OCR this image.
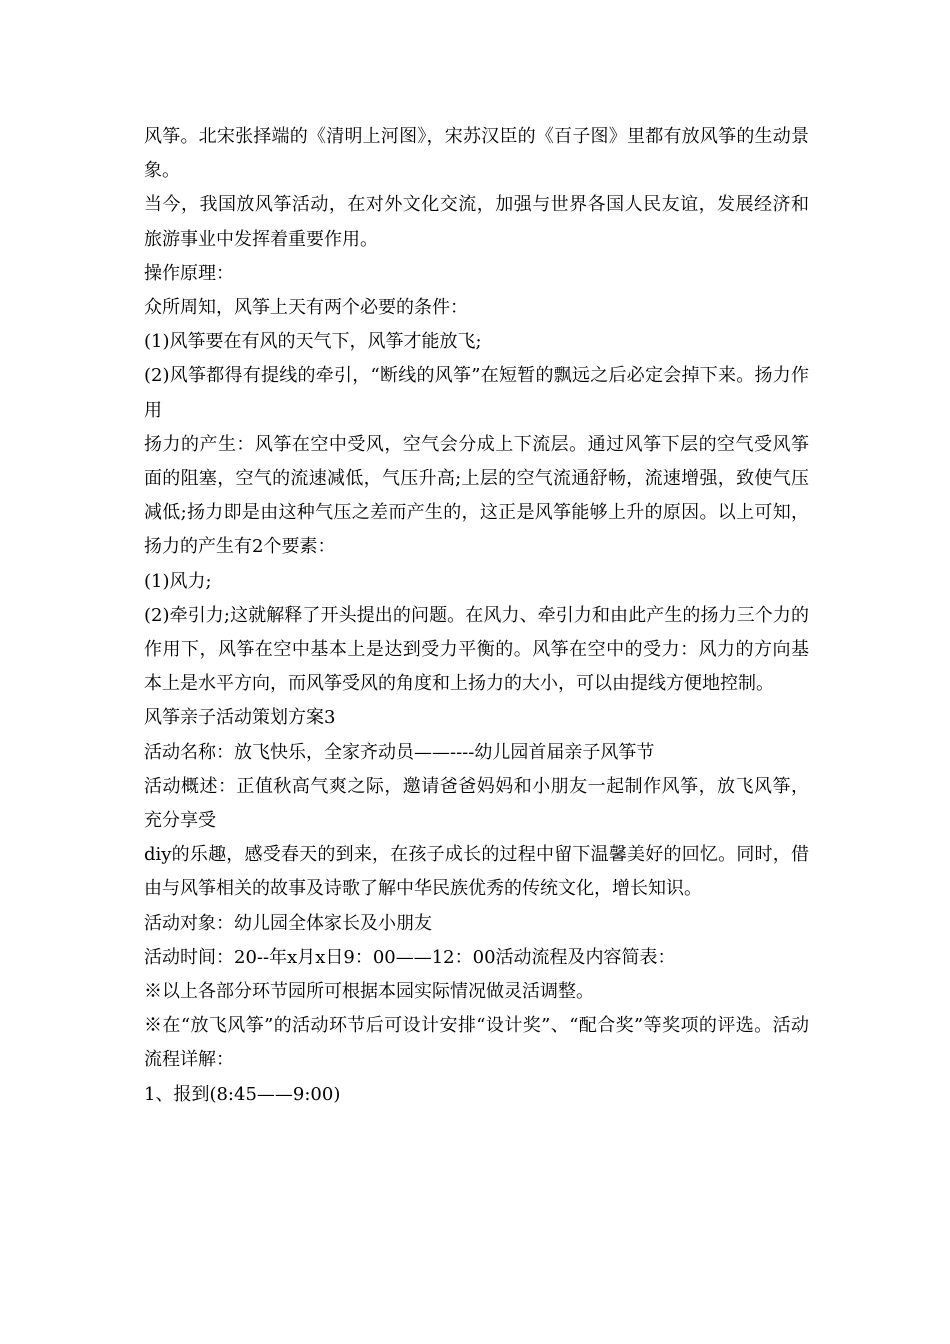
风筝。北宋张择端的《清明上河图》，宋苏汉臣的《百子图》里都有放风筝的生动景象。

当今，我国放风筝活动，在对外文化交流，加强与世界各国人民友谊，发展经济和旅游事业中发挥着重要作用。

操作原理：

众所周知，风筝上天有两个必要的条件：

(1)风筝要在有风的天气下，风筝才能放飞;

(2)风筝都得有提线的牵引，“断线的风筝”在短暂的飘远之后必定会掉下来。扬力作用

扬力的产生：风筝在空中受风，空气会分成上下流层。通过风筝下层的空气受风筝面的阻塞，空气的流速减低，气压升高;上层的空气流通舒畅，流速增强，致使气压减低;扬力即是由这种气压之差而产生的，这正是风筝能够上升的原因。以上可知，扬力的产生有2个要素：

(1)风力;

(2)牵引力;这就解释了开头提出的问题。在风力、牵引力和由此产生的扬力三个力的作用下，风筝在空中基本上是达到受力平衡的。风筝在空中的受力：风力的方向基本上是水平方向，而风筝受风的角度和上扬力的大小，可以由提线方便地控制。

风筝亲子活动策划方案3

活动名称：放飞快乐，全家齐动员——----幼儿园首届亲子风筝节

活动概述：正值秋高气爽之际，邀请爸爸妈妈和小朋友一起制作风筝，放飞风筝，充分享受

diy的乐趣，感受春天的到来，在孩子成长的过程中留下温馨美好的回忆。同时，借由与风筝相关的故事及诗歌了解中华民族优秀的传统文化，增长知识。

活动对象：幼儿园全体家长及小朋友

活动时间：20--年x月x日9：00——12：00活动流程及内容简表：

※以上各部分环节园所可根据本园实际情况做灵活调整。

※在“放飞风筝”的活动环节后可设计安排“设计奖”、“配合奖”等奖项的评选。活动流程详解：

1、报到(8:45——9:00)
